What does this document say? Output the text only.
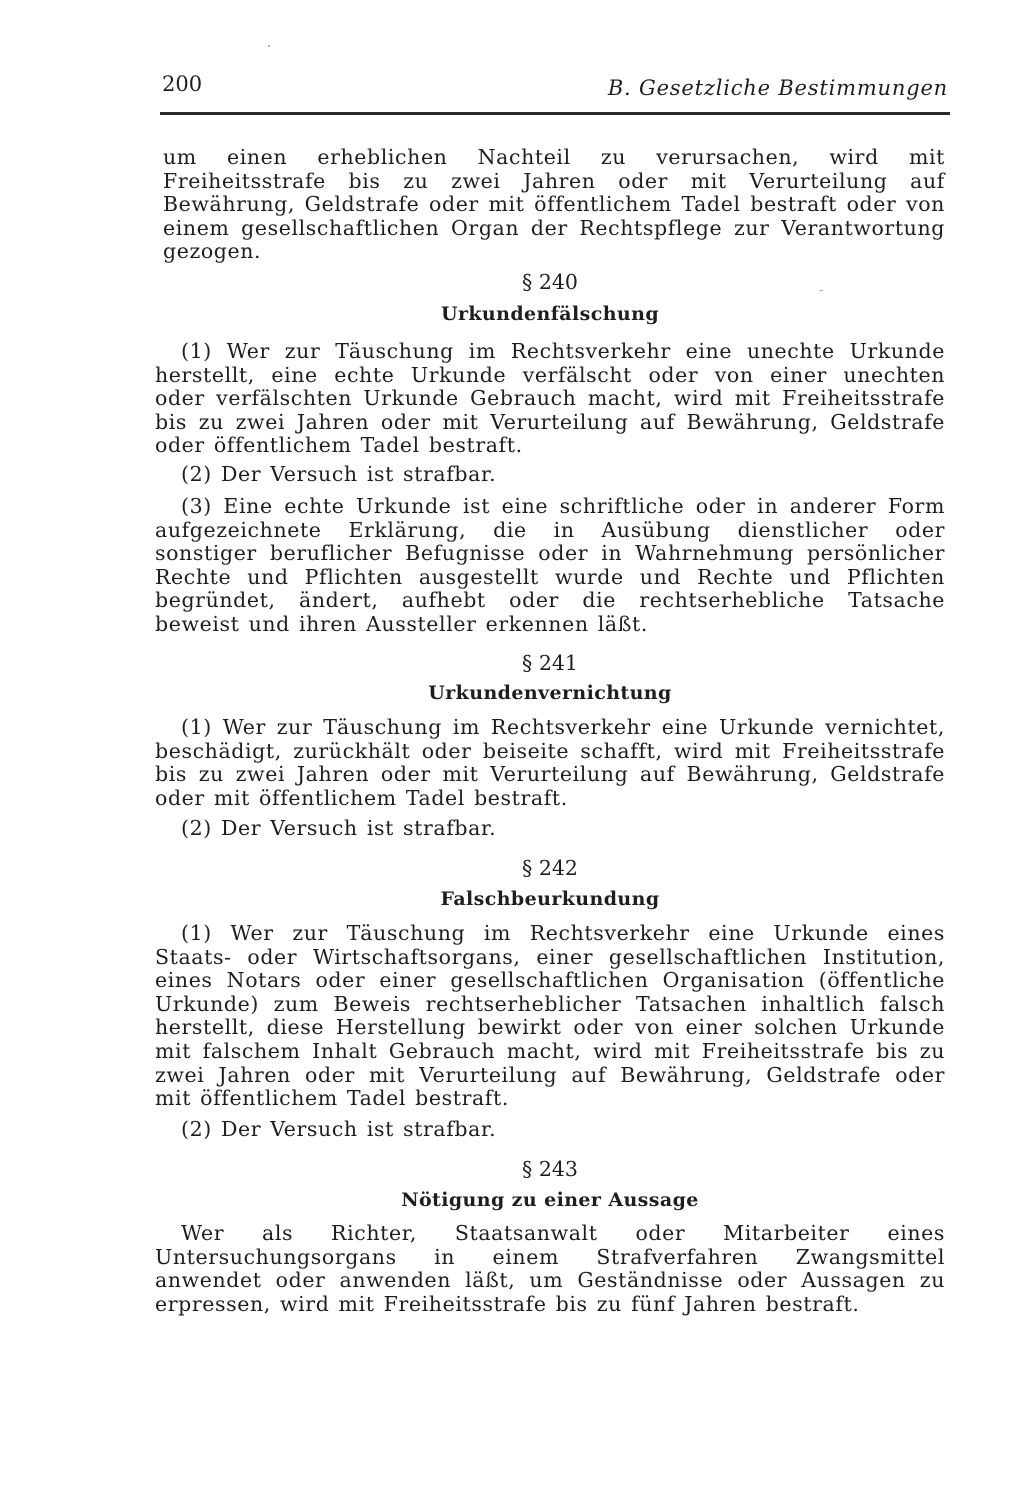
200	B. Gesetzliche Bestimmungen
um einen erheblichen Nachteil zu verursachen, wird mit Freiheitsstrafe bis zu zwei Jahren oder mit Verurteilung auf Bewährung, Geldstrafe oder mit öffentlichem Tadel bestraft oder von einem gesellschaftlichen Organ der Rechtspflege zur Verantwortung gezogen.
§ 240
Urkundenfälschung
(1) Wer zur Täuschung im Rechtsverkehr eine unechte Urkunde herstellt, eine echte Urkunde verfälscht oder von einer unechten oder verfälschten Urkunde Gebrauch macht, wird mit Freiheitsstrafe bis zu zwei Jahren oder mit Verurteilung auf Bewährung, Geldstrafe oder öffentlichem Tadel bestraft.
(2) Der Versuch ist strafbar.
(3) Eine echte Urkunde ist eine schriftliche oder in anderer Form aufgezeichnete Erklärung, die in Ausübung dienstlicher oder sonstiger beruflicher Befugnisse oder in Wahrnehmung persönlicher Rechte und Pflichten ausgestellt wurde und Rechte und Pflichten begründet, ändert, aufhebt oder die rechtserhebliche Tatsache beweist und ihren Aussteller erkennen läßt.
§ 241
Urkundenvernichtung
(1) Wer zur Täuschung im Rechtsverkehr eine Urkunde vernichtet, beschädigt, zurückhält oder beiseite schafft, wird mit Freiheitsstrafe bis zu zwei Jahren oder mit Verurteilung auf Bewährung, Geldstrafe oder mit öffentlichem Tadel bestraft.
(2) Der Versuch ist strafbar.
§ 242
Falschbeurkundung
(1) Wer zur Täuschung im Rechtsverkehr eine Urkunde eines Staats- oder Wirtschaftsorgans, einer gesellschaftlichen Institution, eines Notars oder einer gesellschaftlichen Organisation (öffentliche Urkunde) zum Beweis rechtserheblicher Tatsachen inhaltlich falsch herstellt, diese Herstellung bewirkt oder von einer solchen Urkunde mit falschem Inhalt Gebrauch macht, wird mit Freiheitsstrafe bis zu zwei Jahren oder mit Verurteilung auf Bewährung, Geldstrafe oder mit öffentlichem Tadel bestraft.
(2) Der Versuch ist strafbar.
§ 243
Nötigung zu einer Aussage
Wer als Richter, Staatsanwalt oder Mitarbeiter eines Untersuchungsorgans in einem Strafverfahren Zwangsmittel anwendet oder anwenden läßt, um Geständnisse oder Aussagen zu erpressen, wird mit Freiheitsstrafe bis zu fünf Jahren bestraft.
